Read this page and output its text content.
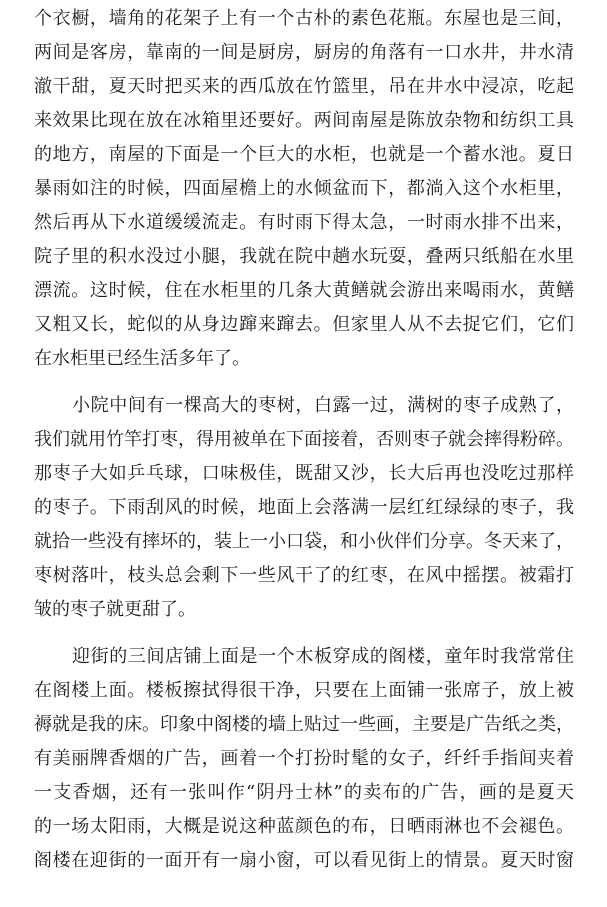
个衣橱，墙角的花架子上有一个古朴的素色花瓶。东屋也是三间，
两间是客房，靠南的一间是厨房，厨房的角落有一口水井，井水清
澈干甜，夏天时把买来的西瓜放在竹篮里，吊在井水中浸凉，吃起
来效果比现在放在冰箱里还要好。两间南屋是陈放杂物和纺织工具
的地方，南屋的下面是一个巨大的水柜，也就是一个蓄水池。夏日
暴雨如注的时候，四面屋檐上的水倾盆而下，都淌入这个水柜里，
然后再从下水道缓缓流走。有时雨下得太急，一时雨水排不出来，
院子里的积水没过小腿，我就在院中趟水玩耍，叠两只纸船在水里
漂流。这时候，住在水柜里的几条大黄鳝就会游出来喝雨水，黄鳝
又粗又长，蛇似的从身边蹿来蹿去。但家里人从不去捉它们，它们
在水柜里已经生活多年了。
小院中间有一棵高大的枣树，白露一过，满树的枣子成熟了，
我们就用竹竿打枣，得用被单在下面接着，否则枣子就会摔得粉碎。
那枣子大如乒乓球，口味极佳，既甜又沙，长大后再也没吃过那样
的枣子。下雨刮风的时候，地面上会落满一层红红绿绿的枣子，我
就拾一些没有摔坏的，装上一小口袋，和小伙伴们分享。冬天来了，
枣树落叶，枝头总会剩下一些风干了的红枣，在风中摇摆。被霜打
皱的枣子就更甜了。
迎街的三间店铺上面是一个木板穿成的阁楼，童年时我常常住
在阁楼上面。楼板擦拭得很干净，只要在上面铺一张席子，放上被
褥就是我的床。印象中阁楼的墙上贴过一些画，主要是广告纸之类，
有美丽牌香烟的广告，画着一个打扮时髦的女子，纤纤手指间夹着
一支香烟，还有一张叫作“阴丹士林”的卖布的广告，画的是夏天
的一场太阳雨，大概是说这种蓝颜色的布，日晒雨淋也不会褪色。
阁楼在迎街的一面开有一扇小窗，可以看见街上的情景。夏天时窗
